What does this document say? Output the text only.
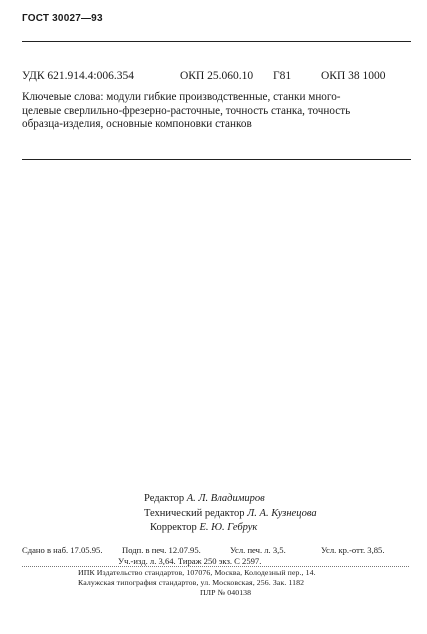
ГОСТ 30027—93
УДК 621.914.4:006.354	ОКП 25.060.10 Г81	ОКП 38 1000
Ключевые слова: модули гибкие производственные, станки много-
целевые сверлильно-фрезерно-расточные, точность станка, точность
образца-изделия, основные компоновки станков
Редактор А. Л. Владимиров
Технический редактор Л. А. Кузнецова
Корректор Е. Ю. Гебрук
Сдано в наб. 17.05.95. Подп. в печ. 12.07.95.	Усл. печ. л. 3,5.	Усл. кр.-отт. 3,85.
Уч.-изд. л. 3,64. Тираж 250 экз. С 2597.
ИПК Издательство стандартов, 107076, Москва, Колодезный пер., 14.
Калужская типография стандартов, ул. Московская, 256. Зак. 1182
ПЛР № 040138
